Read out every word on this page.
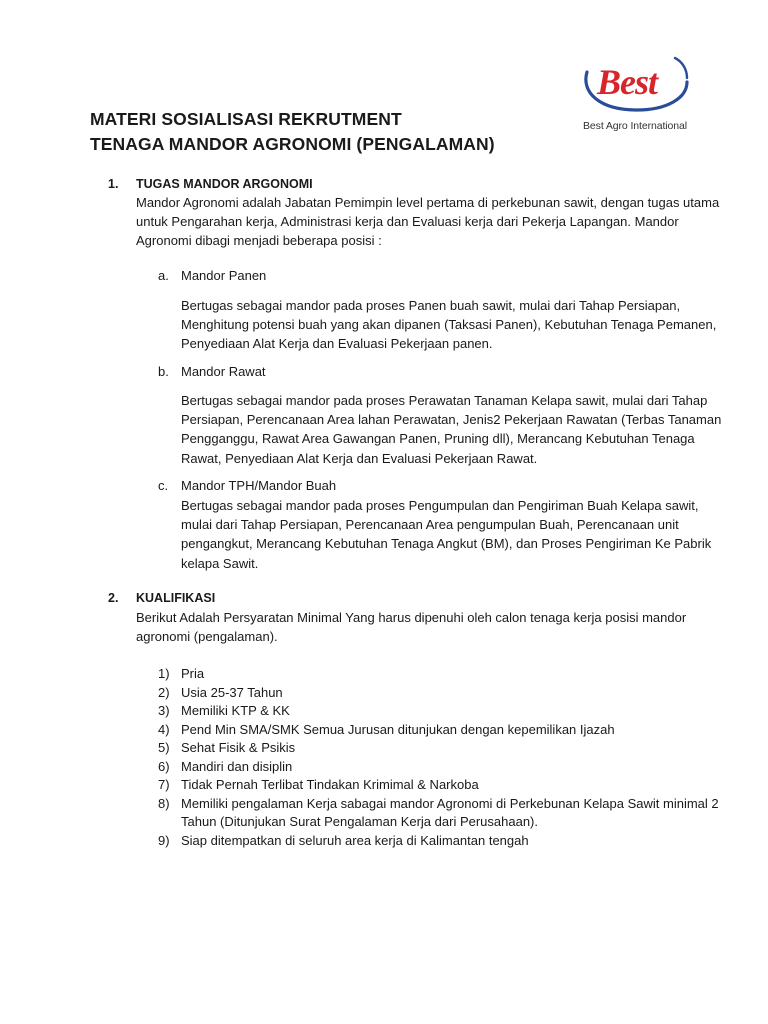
Best
Best Agro International
MATERI SOSIALISASI REKRUTMENT
TENAGA MANDOR AGRONOMI (PENGALAMAN)
1. TUGAS MANDOR ARGONOMI
Mandor Agronomi adalah Jabatan Pemimpin level pertama di perkebunan sawit, dengan tugas utama untuk Pengarahan kerja, Administrasi kerja dan Evaluasi kerja dari Pekerja Lapangan. Mandor Agronomi dibagi menjadi beberapa posisi :
a. Mandor Panen
Bertugas sebagai mandor pada proses Panen buah sawit, mulai dari Tahap Persiapan, Menghitung potensi buah yang akan dipanen (Taksasi Panen), Kebutuhan Tenaga Pemanen, Penyediaan Alat Kerja dan Evaluasi Pekerjaan panen.
b. Mandor Rawat
Bertugas sebagai mandor pada proses Perawatan Tanaman Kelapa sawit, mulai dari Tahap Persiapan, Perencanaan Area lahan Perawatan, Jenis2 Pekerjaan Rawatan (Terbas Tanaman Pengganggu, Rawat Area Gawangan Panen, Pruning dll), Merancang Kebutuhan Tenaga Rawat, Penyediaan Alat Kerja dan Evaluasi Pekerjaan Rawat.
c. Mandor TPH/Mandor Buah
Bertugas sebagai mandor pada proses Pengumpulan dan Pengiriman Buah Kelapa sawit, mulai dari Tahap Persiapan, Perencanaan Area pengumpulan Buah, Perencanaan unit pengangkut, Merancang Kebutuhan Tenaga Angkut (BM), dan Proses Pengiriman Ke Pabrik kelapa Sawit.
2. KUALIFIKASI
Berikut Adalah Persyaratan Minimal Yang harus dipenuhi oleh calon tenaga kerja posisi mandor agronomi (pengalaman).
1) Pria
2) Usia 25-37 Tahun
3) Memiliki KTP & KK
4) Pend Min SMA/SMK Semua Jurusan ditunjukan dengan kepemilikan Ijazah
5) Sehat Fisik & Psikis
6) Mandiri dan disiplin
7) Tidak Pernah Terlibat Tindakan Krimimal & Narkoba
8) Memiliki pengalaman Kerja sabagai mandor Agronomi di Perkebunan Kelapa Sawit minimal 2 Tahun (Ditunjukan Surat Pengalaman Kerja dari Perusahaan).
9) Siap ditempatkan di seluruh area kerja di Kalimantan tengah
